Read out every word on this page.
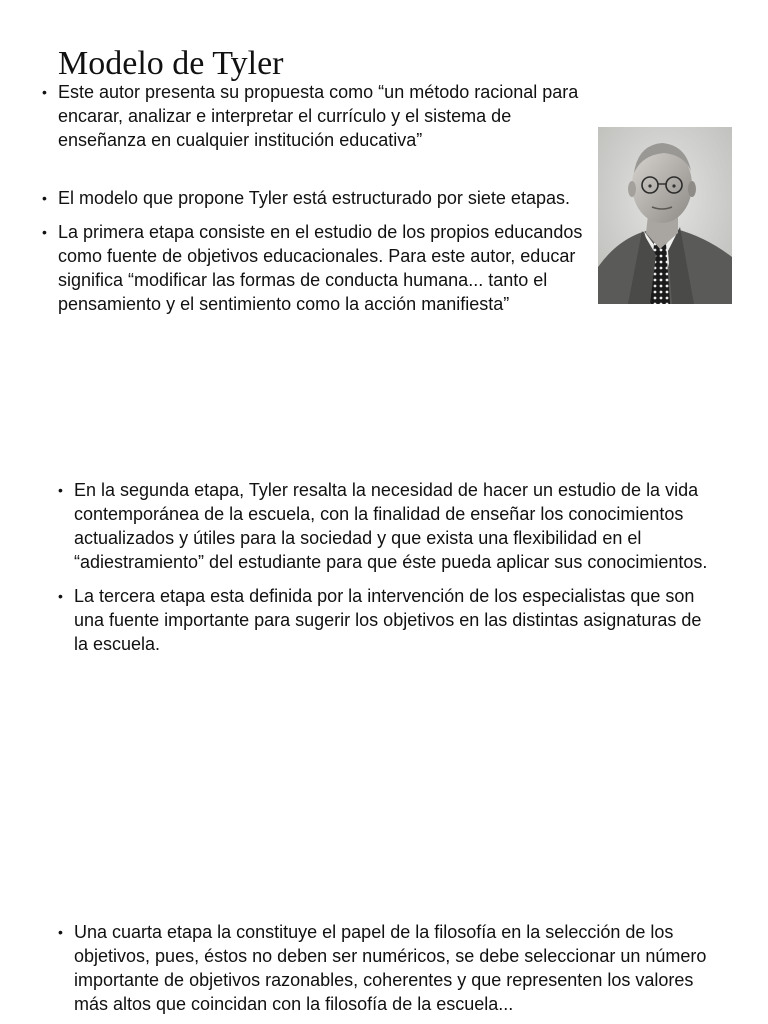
Modelo de Tyler
• Este autor presenta su propuesta como “un método racional para encarar, analizar e interpretar el currículo y el sistema de enseñanza en cualquier institución educativa”
• El modelo que propone Tyler está estructurado por siete etapas.
• La primera etapa consiste en el estudio de los propios educandos como fuente de objetivos educacionales. Para este autor, educar significa “modificar las formas de conducta humana... tanto el pensamiento y el sentimiento como la acción manifiesta”
• En la segunda etapa, Tyler resalta la necesidad de hacer un estudio de la vida contemporánea de la escuela, con la finalidad de enseñar los conocimientos actualizados y útiles para la sociedad y que exista una flexibilidad en el “adiestramiento” del estudiante para que éste pueda aplicar sus conocimientos.
• La tercera etapa esta definida por la intervención de los especialistas que son una fuente importante para sugerir los objetivos en las distintas asignaturas de la escuela.
• Una cuarta etapa la constituye el papel de la filosofía en la selección de los objetivos, pues, éstos no deben ser numéricos, se debe seleccionar un número importante de objetivos razonables, coherentes y que representen los valores más altos que coincidan con la filosofía de la escuela...
